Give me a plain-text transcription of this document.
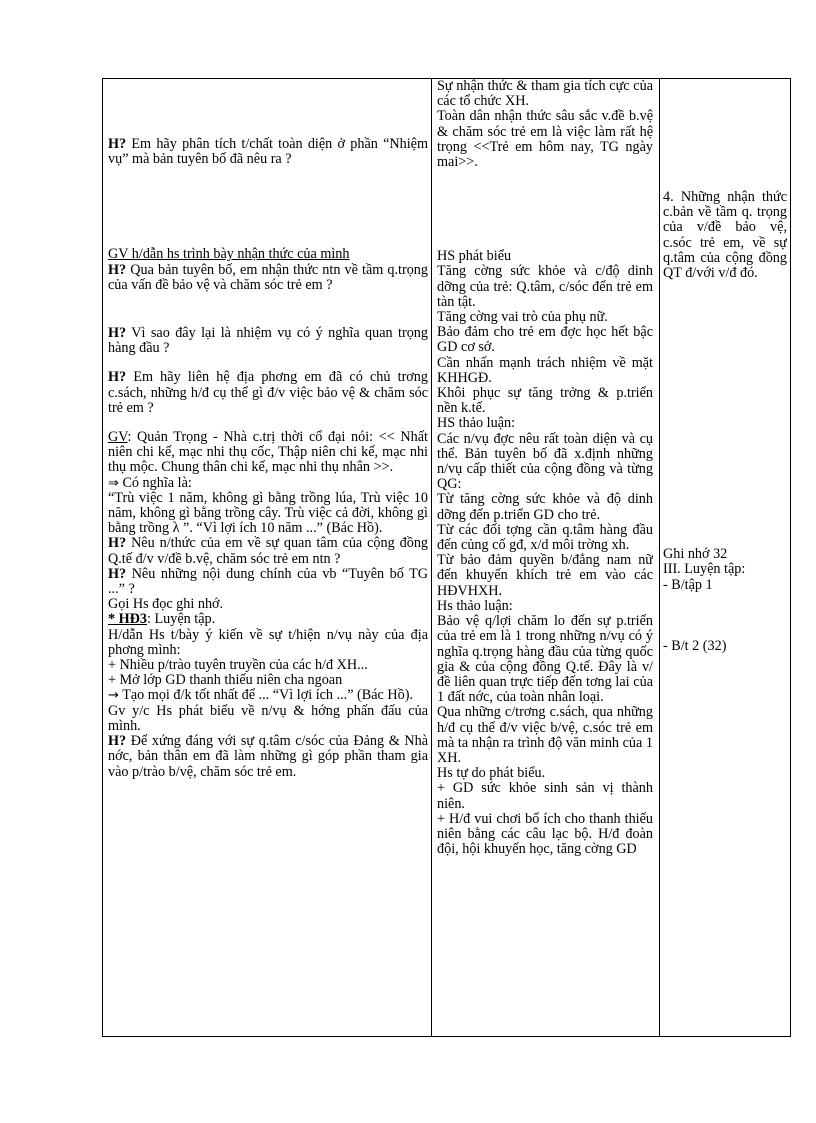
H? Em hãy phân tích t/chất toàn diện ở phần “Nhiệm vụ” mà bản tuyên bố đã nêu ra ?

GV h/dẫn hs trình bày nhận thức của mình

H? Qua bản tuyên bố, em nhận thức ntn về tầm q.trọng của vấn đề bảo vệ và chăm sóc trẻ em ?

H? Vì sao đây lại là nhiệm vụ có ý nghĩa quan trọng hàng đầu ?

H? Em hãy liên hệ địa phơng em đã có chủ trơng c.sách, những h/đ cụ thể gì đ/v việc bảo vệ & chăm sóc trẻ em ?

GV: Quản Trọng - Nhà c.trị thời cổ đại nói: << Nhất niên chi kế, mạc nhi thụ cốc, Thập niên chi kế, mạc nhi thụ mộc. Chung thân chi kế, mạc nhi thụ nhân >>.

⇒ Có nghĩa là:

“Trù việc 1 năm, không gì bằng trồng lúa, Trù việc 10 năm, không gì bằng trồng cây. Trù việc cả đời, không gì bằng trồng λ ”. “Vì lợi ích 10 năm ...” (Bác Hồ).

H? Nêu n/thức của em về sự quan tâm của cộng đồng Q.tế đ/v v/đề b.vệ, chăm sóc trẻ em ntn ?

H? Nêu những nội dung chính của vb “Tuyên bố TG ...” ?

Gọi Hs đọc ghi nhớ.

* HĐ3: Luyện tập.

H/dẫn Hs t/bày ý kiến về sự t/hiện n/vụ này của địa phơng mình:

+ Nhiều p/trào tuyên truyền của các h/đ XH...

+ Mở lớp GD thanh thiếu niên cha ngoan

→ Tạo mọi đ/k tốt nhất để ... “Vì lợi ích ...” (Bác Hồ).

Gv y/c Hs phát biểu về n/vụ & hớng phấn đấu của mình.

H? Để xứng đáng với sự q.tâm c/sóc của Đảng & Nhà nớc, bản thân em đã làm những gì góp phần tham gia vào p/trào b/vệ, chăm sóc trẻ em.

Sự nhận thức & tham gia tích cực của các tổ chức XH.

Toàn dân nhận thức sâu sắc v.đề b.vệ & chăm sóc trẻ em là việc làm rất hệ trọng <<Trẻ em hôm nay, TG ngày mai>>.

HS phát biểu

Tăng cờng sức khỏe và c/độ dinh dỡng của trẻ: Q.tâm, c/sóc đến trẻ em tàn tật.

Tăng cờng vai trò của phụ nữ.

Bảo đảm cho trẻ em đợc học hết bậc GD cơ sở.

Cần nhấn mạnh trách nhiệm về mặt KHHGĐ.

Khôi phục sự tăng trởng & p.triển nền k.tế.

HS thảo luận:

Các n/vụ đợc nêu rất toàn diện và cụ thể. Bản tuyên bố đã x.định những n/vụ cấp thiết của cộng đồng và từng QG:

Từ tăng cờng sức khỏe và độ dinh dỡng đến p.triển GD cho trẻ.

Từ các đối tợng cần q.tâm hàng đầu đến củng cố gđ, x/d môi trờng xh.

Từ bảo đảm quyền b/đẳng nam nữ đến khuyến khích trẻ em vào các HĐVHXH.

Hs thảo luận:

Bảo vệ q/lợi chăm lo đến sự p.triển của trẻ em là 1 trong những n/vụ có ý nghĩa q.trọng hàng đầu của từng quốc gia & của cộng đồng Q.tế. Đây là v/đề liên quan trực tiếp đến tơng lai của 1 đất nớc, của toàn nhân loại.

Qua những c/trơng c.sách, qua những h/đ cụ thể đ/v việc b/vệ, c.sóc trẻ em mà ta nhận ra trình độ văn minh của 1 XH.

Hs tự do phát biểu.

+ GD sức khỏe sinh sản vị thành niên.

+ H/đ vui chơi bổ ích cho thanh thiếu niên bằng các câu lạc bộ. H/đ đoàn đội, hội khuyến học, tăng cờng GD

4. Những nhận thức c.bản về tầm q. trọng của v/đề bảo vệ, c.sóc trẻ em, về sự q.tâm của cộng đồng QT đ/với v/đ đó.

Ghi nhớ 32

III. Luyện tập:

- B/tập 1

- B/t 2 (32)
